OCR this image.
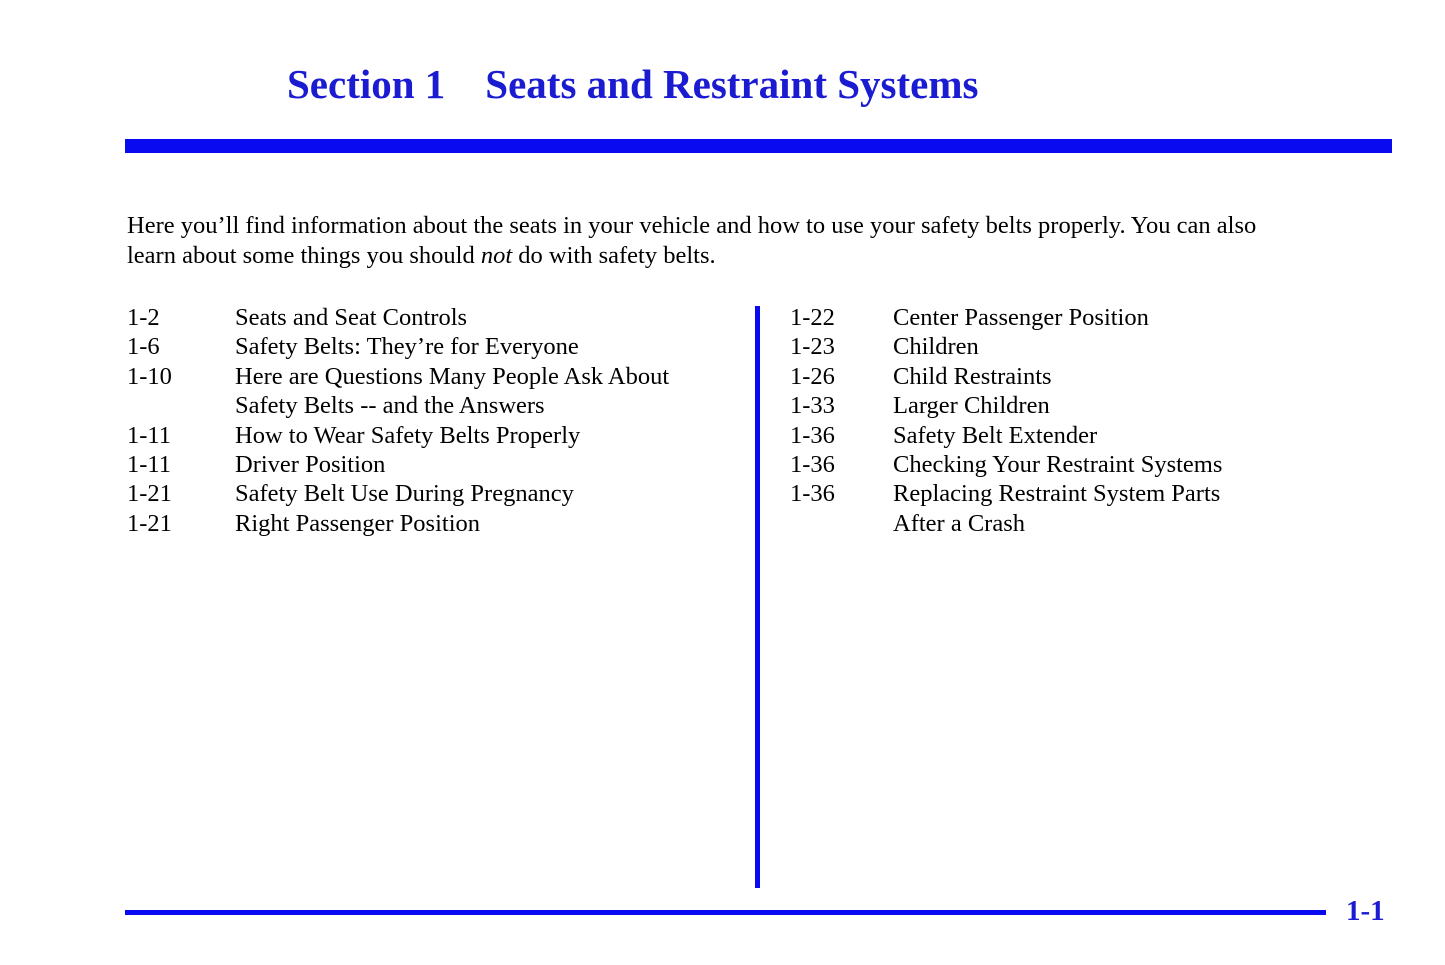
Section 1 Seats and Restraint Systems
Here you’ll find information about the seats in your vehicle and how to use your safety belts properly. You can also
learn about some things you should not do with safety belts.
1-2	Seats and Seat Controls
1-6	Safety Belts: They’re for Everyone
1-10	Here are Questions Many People Ask About
Safety Belts -- and the Answers
1-11	How to Wear Safety Belts Properly
1-11	Driver Position
1-21	Safety Belt Use During Pregnancy
1-21	Right Passenger Position
1-22	Center Passenger Position
1-23	Children
1-26	Child Restraints
1-33	Larger Children
1-36	Safety Belt Extender
1-36	Checking Your Restraint Systems
1-36	Replacing Restraint System Parts
After a Crash
1-1
